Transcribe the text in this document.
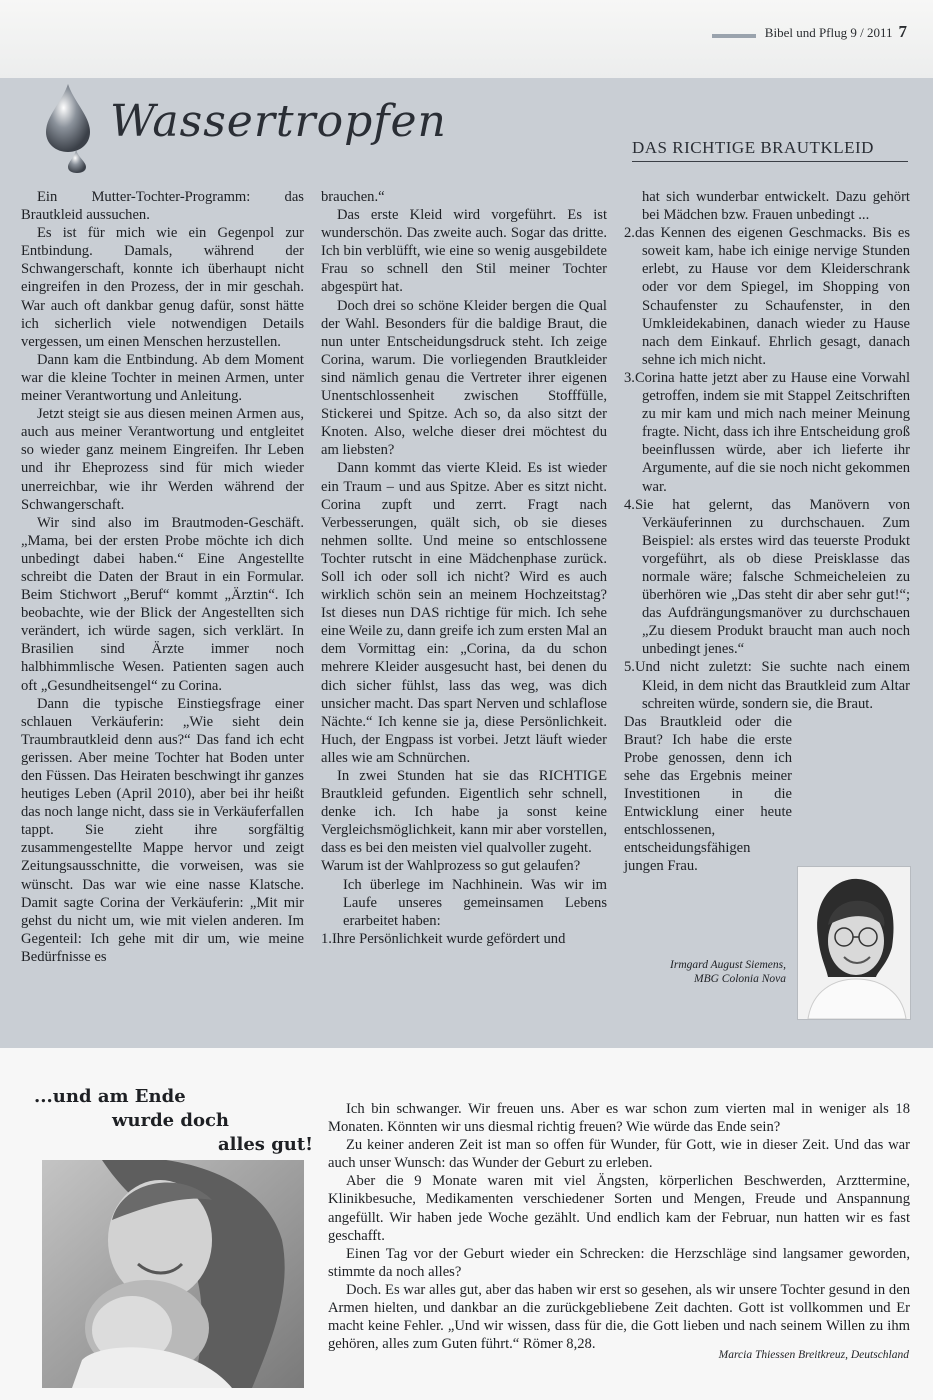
Bibel und Pflug 9 / 2011 7
Wassertropfen
DAS RICHTIGE BRAUTKLEID

Ein Mutter-Tochter-Programm: das Brautkleid aussuchen.

Es ist für mich wie ein Gegenpol zur Entbindung. Damals, während der Schwangerschaft, konnte ich überhaupt nicht eingreifen in den Prozess, der in mir geschah. War auch oft dankbar genug dafür, sonst hätte ich sicherlich viele notwendigen Details vergessen, um einen Menschen herzustellen.

Dann kam die Entbindung. Ab dem Moment war die kleine Tochter in meinen Armen, unter meiner Verantwortung und Anleitung.

Jetzt steigt sie aus diesen meinen Armen aus, auch aus meiner Verantwortung und entgleitet so wieder ganz meinem Eingreifen. Ihr Leben und ihr Eheprozess sind für mich wieder unerreichbar, wie ihr Werden während der Schwangerschaft.

Wir sind also im Brautmoden-Geschäft. „Mama, bei der ersten Probe möchte ich dich unbedingt dabei haben.“ Eine Angestellte schreibt die Daten der Braut in ein Formular. Beim Stichwort „Beruf“ kommt „Ärztin“. Ich beobachte, wie der Blick der Angestellten sich verändert, ich würde sagen, sich verklärt. In Brasilien sind Ärzte immer noch halbhimmlische Wesen. Patienten sagen auch oft „Gesundheitsengel“ zu Corina.

Dann die typische Einstiegsfrage einer schlauen Verkäuferin: „Wie sieht dein Traumbrautkleid denn aus?“ Das fand ich echt gerissen. Aber meine Tochter hat Boden unter den Füssen. Das Heiraten beschwingt ihr ganzes heutiges Leben (April 2010), aber bei ihr heißt das noch lange nicht, dass sie in Verkäuferfallen tappt. Sie zieht ihre sorgfältig zusammengestellte Mappe hervor und zeigt Zeitungsausschnitte, die vorweisen, was sie wünscht. Das war wie eine nasse Klatsche. Damit sagte Corina der Verkäuferin: „Mit mir gehst du nicht um, wie mit vielen anderen. Im Gegenteil: Ich gehe mit dir um, wie meine Bedürfnisse es

brauchen.“

Das erste Kleid wird vorgeführt. Es ist wunderschön. Das zweite auch. Sogar das dritte. Ich bin verblüfft, wie eine so wenig ausgebildete Frau so schnell den Stil meiner Tochter abgespürt hat.

Doch drei so schöne Kleider bergen die Qual der Wahl. Besonders für die baldige Braut, die nun unter Entscheidungsdruck steht. Ich zeige Corina, warum. Die vorliegenden Brautkleider sind nämlich genau die Vertreter ihrer eigenen Unentschlossenheit zwischen Stofffülle, Stickerei und Spitze. Ach so, da also sitzt der Knoten. Also, welche dieser drei möchtest du am liebsten?

Dann kommt das vierte Kleid. Es ist wieder ein Traum – und aus Spitze. Aber es sitzt nicht. Corina zupft und zerrt. Fragt nach Verbesserungen, quält sich, ob sie dieses nehmen sollte. Und meine so entschlossene Tochter rutscht in eine Mädchenphase zurück. Soll ich oder soll ich nicht? Wird es auch wirklich schön sein an meinem Hochzeitstag? Ist dieses nun DAS richtige für mich. Ich sehe eine Weile zu, dann greife ich zum ersten Mal an dem Vormittag ein: „Corina, da du schon mehrere Kleider ausgesucht hast, bei denen du dich sicher fühlst, lass das weg, was dich unsicher macht. Das spart Nerven und schlaflose Nächte.“ Ich kenne sie ja, diese Persönlichkeit. Huch, der Engpass ist vorbei. Jetzt läuft wieder alles wie am Schnürchen.

In zwei Stunden hat sie das RICHTIGE Brautkleid gefunden. Eigentlich sehr schnell, denke ich. Ich habe ja sonst keine Vergleichsmöglichkeit, kann mir aber vorstellen, dass es bei den meisten viel qualvoller zugeht.

Warum ist der Wahlprozess so gut gelaufen?

Ich überlege im Nachhinein. Was wir im Laufe unseres gemeinsamen Lebens erarbeitet haben:

1.Ihre Persönlichkeit wurde gefördert und

hat sich wunderbar entwickelt. Dazu gehört bei Mädchen bzw. Frauen unbedingt ...

2.das Kennen des eigenen Geschmacks. Bis es soweit kam, habe ich einige nervige Stunden erlebt, zu Hause vor dem Kleiderschrank oder vor dem Spiegel, im Shopping von Schaufenster zu Schaufenster, in den Umkleidekabinen, danach wieder zu Hause nach dem Einkauf. Ehrlich gesagt, danach sehne ich mich nicht.

3.Corina hatte jetzt aber zu Hause eine Vorwahl getroffen, indem sie mit Stappel Zeitschriften zu mir kam und mich nach meiner Meinung fragte. Nicht, dass ich ihre Entscheidung groß beeinflussen würde, aber ich lieferte ihr Argumente, auf die sie noch nicht gekommen war.

4.Sie hat gelernt, das Manövern von Verkäuferinnen zu durchschauen. Zum Beispiel: als erstes wird das teuerste Produkt vorgeführt, als ob diese Preisklasse das normale wäre; falsche Schmeicheleien zu überhören wie „Das steht dir aber sehr gut!“; das Aufdrängungsmanöver zu durchschauen „Zu diesem Produkt braucht man auch noch unbedingt jenes.“

5.Und nicht zuletzt: Sie suchte nach einem Kleid, in dem nicht das Brautkleid zum Altar schreiten würde, sondern sie, die Braut.

Das Brautkleid oder die Braut? Ich habe die erste Probe genossen, denn ich sehe das Ergebnis meiner Investitionen in die Entwicklung einer heute entschlossenen, entscheidungsfähigen jungen Frau.

Irmgard August Siemens,
MBG Colonia Nova
...und am Ende
wurde doch
alles gut!

Ich bin schwanger. Wir freuen uns. Aber es war schon zum vierten mal in weniger als 18 Monaten. Könnten wir uns diesmal richtig freuen? Wie würde das Ende sein?

Zu keiner anderen Zeit ist man so offen für Wunder, für Gott, wie in dieser Zeit. Und das war auch unser Wunsch: das Wunder der Geburt zu erleben.

Aber die 9 Monate waren mit viel Ängsten, körperlichen Beschwerden, Arzttermine, Klinikbesuche, Medikamenten verschiedener Sorten und Mengen, Freude und Anspannung angefüllt. Wir haben jede Woche gezählt. Und endlich kam der Februar, nun hatten wir es fast geschafft.

Einen Tag vor der Geburt wieder ein Schrecken: die Herzschläge sind langsamer geworden, stimmte da noch alles?

Doch. Es war alles gut, aber das haben wir erst so gesehen, als wir unsere Tochter gesund in den Armen hielten, und dankbar an die zurückgebliebene Zeit dachten. Gott ist vollkommen und Er macht keine Fehler. „Und wir wissen, dass für die, die Gott lieben und nach seinem Willen zu ihm gehören, alles zum Guten führt.“ Römer 8,28.

Marcia Thiessen Breitkreuz, Deutschland
